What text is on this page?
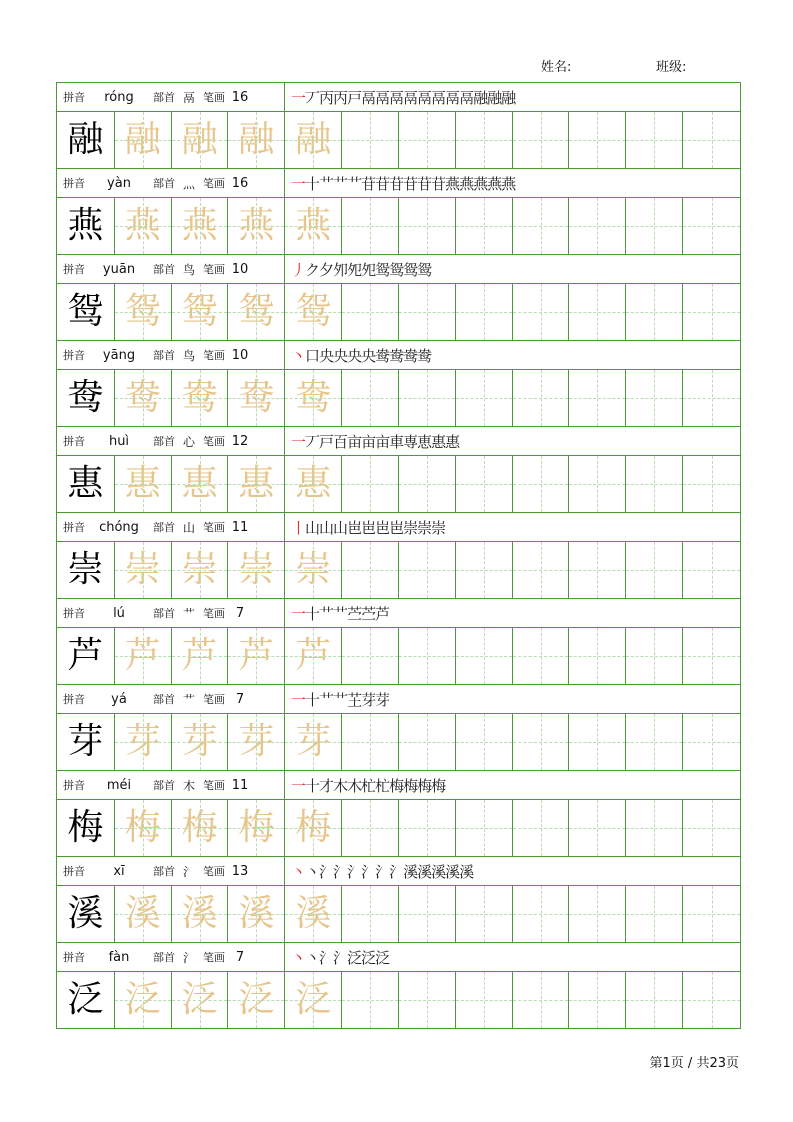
姓名:	班级:
拼音	róng	部首 鬲 笔画 16	一 丆 丙 丙 戸 鬲 鬲 鬲 鬲 鬲 鬲 鬲 鬲 融 融 融
融 融 融 融 融
拼音	yàn	部首 灬 笔画 16	一 十 艹 艹 艹 苷 苷 苷 苷 苷 苷 燕 燕 燕 燕 燕
燕 燕 燕 燕 燕
拼音	yuān	部首 鸟 笔画 10	丿 ク 夕 夘 夗 夗 鸳 鸳 鸳 鸳
鸳 鸳 鸳 鸳 鸳
拼音	yāng	部首 鸟 笔画 10	丶 口 央 央 央 央 鸯 鸯 鸯 鸯
鸯 鸯 鸯 鸯 鸯
拼音	huì	部首 心 笔画 12	一 丆 戸 百 亩 亩 亩 車 専 恵 惠 惠
惠 惠 惠 惠 惠
拼音	chóng	部首 山 笔画 11	丨 山 山 山 岜 岜 岜 岜 崇 崇 崇
崇 崇 崇 崇 崇
拼音	lú	部首 艹 笔画 7	一 十 艹 艹 苎 苎 芦
芦 芦 芦 芦 芦
拼音	yá	部首 艹 笔画 7	一 十 艹 艹 芏 芽 芽
芽 芽 芽 芽 芽
拼音	méi	部首 木 笔画 11	一 十 才 木 木 杧 杧 梅 梅 梅 梅
梅 梅 梅 梅 梅
拼音	xī	部首 氵 笔画 13	丶 丶 氵 氵 氵 氵 氵 氵 溪 溪 溪 溪 溪
溪 溪 溪 溪 溪
拼音	fàn	部首 氵 笔画 7	丶 丶 氵 氵 泛 泛 泛
泛 泛 泛 泛 泛
第1页 / 共23页
